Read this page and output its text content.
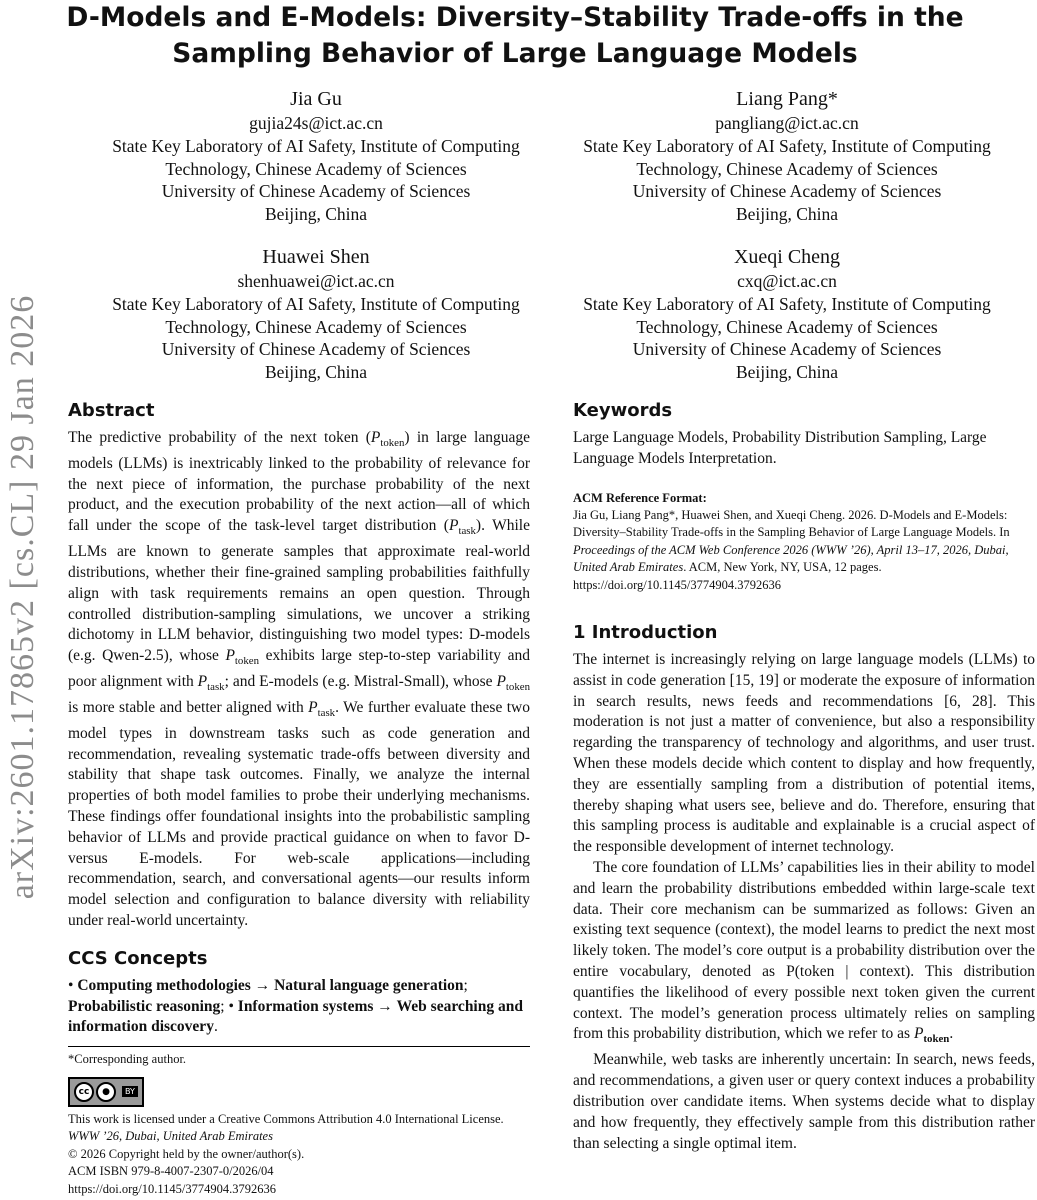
arXiv:2601.17865v2 [cs.CL] 29 Jan 2026
D-Models and E-Models: Diversity–Stability Trade-offs in the
Sampling Behavior of Large Language Models
Jia Gu
gujia24s@ict.ac.cn
State Key Laboratory of AI Safety, Institute of Computing
Technology, Chinese Academy of Sciences
University of Chinese Academy of Sciences
Beijing, China
Liang Pang*
pangliang@ict.ac.cn
State Key Laboratory of AI Safety, Institute of Computing
Technology, Chinese Academy of Sciences
University of Chinese Academy of Sciences
Beijing, China
Huawei Shen
shenhuawei@ict.ac.cn
State Key Laboratory of AI Safety, Institute of Computing
Technology, Chinese Academy of Sciences
University of Chinese Academy of Sciences
Beijing, China
Xueqi Cheng
cxq@ict.ac.cn
State Key Laboratory of AI Safety, Institute of Computing
Technology, Chinese Academy of Sciences
University of Chinese Academy of Sciences
Beijing, China
Abstract

The predictive probability of the next token $(P_{token})$ in large language models (LLMs) is inextricably linked to the probability of relevance for the next piece of information, the purchase probability of the next product, and the execution probability of the next action—all of which fall under the scope of the task-level target distribution $(P_{task})$. While LLMs are known to generate samples that approximate real-world distributions, whether their fine-grained sampling probabilities faithfully align with task requirements remains an open question. Through controlled distribution-sampling simulations, we uncover a striking dichotomy in LLM behavior, distinguishing two model types: D-models (e.g. Qwen-2.5), whose $P_{token}$ exhibits large step-to-step variability and poor alignment with $P_{task}$; and E-models (e.g. Mistral-Small), whose $P_{token}$ is more stable and better aligned with $P_{task}$. We further evaluate these two model types in downstream tasks such as code generation and recommendation, revealing systematic trade-offs between diversity and stability that shape task outcomes. Finally, we analyze the internal properties of both model families to probe their underlying mechanisms. These findings offer foundational insights into the probabilistic sampling behavior of LLMs and provide practical guidance on when to favor D- versus E-models. For web-scale applications—including recommendation, search, and conversational agents—our results inform model selection and configuration to balance diversity with reliability under real-world uncertainty.

CCS Concepts

• Computing methodologies → Natural language generation; Probabilistic reasoning; • Information systems → Web searching and information discovery.

*Corresponding author.
cc	●	BY
This work is licensed under a Creative Commons Attribution 4.0 International License.
WWW ’26, Dubai, United Arab Emirates
© 2026 Copyright held by the owner/author(s).
ACM ISBN 979-8-4007-2307-0/2026/04
https://doi.org/10.1145/3774904.3792636
Keywords

Large Language Models, Probability Distribution Sampling, Large Language Models Interpretation.

ACM Reference Format:

Jia Gu, Liang Pang*, Huawei Shen, and Xueqi Cheng. 2026. D-Models and E-Models: Diversity–Stability Trade-offs in the Sampling Behavior of Large Language Models. In Proceedings of the ACM Web Conference 2026 (WWW ’26), April 13–17, 2026, Dubai, United Arab Emirates. ACM, New York, NY, USA, 12 pages. https://doi.org/10.1145/3774904.3792636

1 Introduction

The internet is increasingly relying on large language models (LLMs) to assist in code generation [15, 19] or moderate the exposure of information in search results, news feeds and recommendations [6, 28]. This moderation is not just a matter of convenience, but also a responsibility regarding the transparency of technology and algorithms, and user trust. When these models decide which content to display and how frequently, they are essentially sampling from a distribution of potential items, thereby shaping what users see, believe and do. Therefore, ensuring that this sampling process is auditable and explainable is a crucial aspect of the responsible development of internet technology.

The core foundation of LLMs’ capabilities lies in their ability to model and learn the probability distributions embedded within large-scale text data. Their core mechanism can be summarized as follows: Given an existing text sequence (context), the model learns to predict the next most likely token. The model’s core output is a probability distribution over the entire vocabulary, denoted as P(token | context). This distribution quantifies the likelihood of every possible next token given the current context. The model’s generation process ultimately relies on sampling from this probability distribution, which we refer to as $P_{token}$.

Meanwhile, web tasks are inherently uncertain: In search, news feeds, and recommendations, a given user or query context induces a probability distribution over candidate items. When systems decide what to display and how frequently, they effectively sample from this distribution rather than selecting a single optimal item.
